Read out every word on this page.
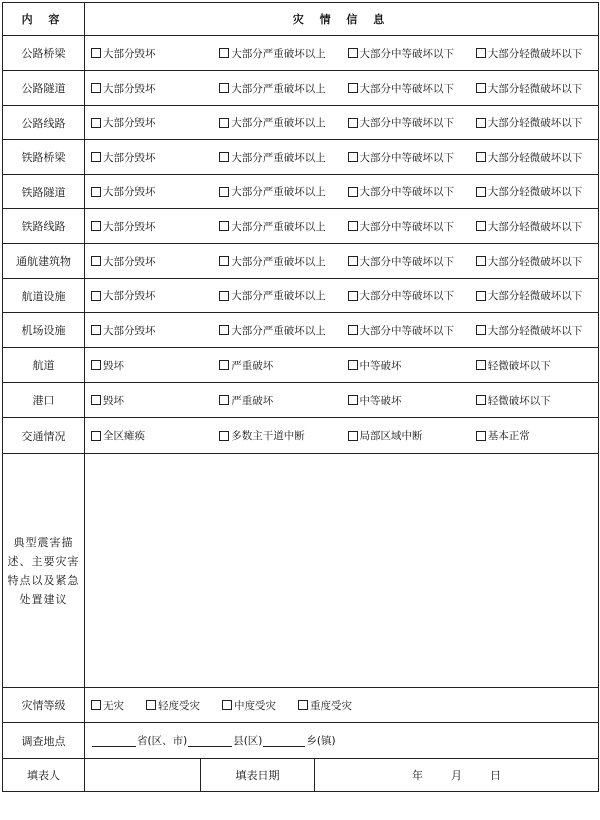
内 容	灾 情 信 息		
公路桥梁	大部分毁坏 大部分严重破坏以上 大部分中等破坏以下 大部分轻微破坏以下		

公路隧道	大部分毁坏 大部分严重破坏以上 大部分中等破坏以下 大部分轻微破坏以下		

公路线路	大部分毁坏 大部分严重破坏以上 大部分中等破坏以下 大部分轻微破坏以下		

铁路桥梁	大部分毁坏 大部分严重破坏以上 大部分中等破坏以下 大部分轻微破坏以下		

铁路隧道	大部分毁坏 大部分严重破坏以上 大部分中等破坏以下 大部分轻微破坏以下		

铁路线路	大部分毁坏 大部分严重破坏以上 大部分中等破坏以下 大部分轻微破坏以下		

通航建筑物	大部分毁坏 大部分严重破坏以上 大部分中等破坏以下 大部分轻微破坏以下		

航道设施	大部分毁坏 大部分严重破坏以上 大部分中等破坏以下 大部分轻微破坏以下		

机场设施	大部分毁坏 大部分严重破坏以上 大部分中等破坏以下 大部分轻微破坏以下		

航道	毁坏 严重破坏 中等破坏 轻微破坏以下		

港口	毁坏 严重破坏 中等破坏 轻微破坏以下		

交通情况	全区瘫痪 多数主干道中断 局部区域中断 基本正常		

典型震害描述、主要灾害特点以及紧急处置建议			
灾情等级	无灾 轻度受灾 中度受灾 重度受灾		

调查地点	省(区、市) 县(区) 乡(镇)		

填表人		填表日期	年 月 日
